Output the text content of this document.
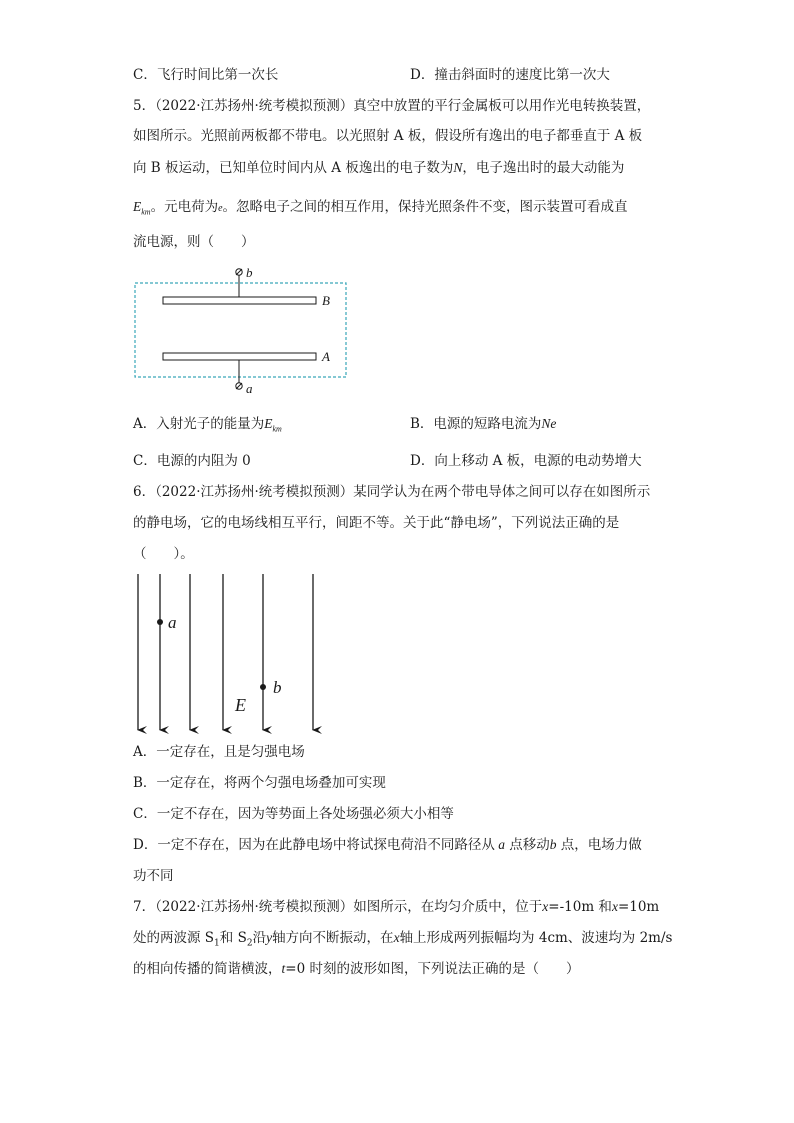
C．飞行时间比第一次长	D．撞击斜面时的速度比第一次大
5．（2022·江苏扬州·统考模拟预测）真空中放置的平行金属板可以用作光电转换装置，
如图所示。光照前两板都不带电。以光照射 A 板，假设所有逸出的电子都垂直于 A 板
向 B 板运动，已知单位时间内从 A 板逸出的电子数为N，电子逸出时的最大动能为
$E_{km}$。元电荷为e。忽略电子之间的相互作用，保持光照条件不变，图示装置可看成直
流电源，则（　　）
b
B
A
a
A．入射光子的能量为$E_{km}$	B．电源的短路电流为Ne
C．电源的内阻为 0	D．向上移动 A 板，电源的电动势增大
6．（2022·江苏扬州·统考模拟预测）某同学认为在两个带电导体之间可以存在如图所示
的静电场，它的电场线相互平行，间距不等。关于此“静电场”，下列说法正确的是
（　　）。
a
b
E
A．一定存在，且是匀强电场
B．一定存在，将两个匀强电场叠加可实现
C．一定不存在，因为等势面上各处场强必须大小相等
D．一定不存在，因为在此静电场中将试探电荷沿不同路径从 a 点移动b 点，电场力做
功不同
7．（2022·江苏扬州·统考模拟预测）如图所示，在均匀介质中，位于x=-10m 和x=10m
处的两波源 $S_1$和 $S_2$沿y轴方向不断振动，在x轴上形成两列振幅均为 4cm、波速均为 2m/s
的相向传播的简谐横波，t=0 时刻的波形如图，下列说法正确的是（　　）
